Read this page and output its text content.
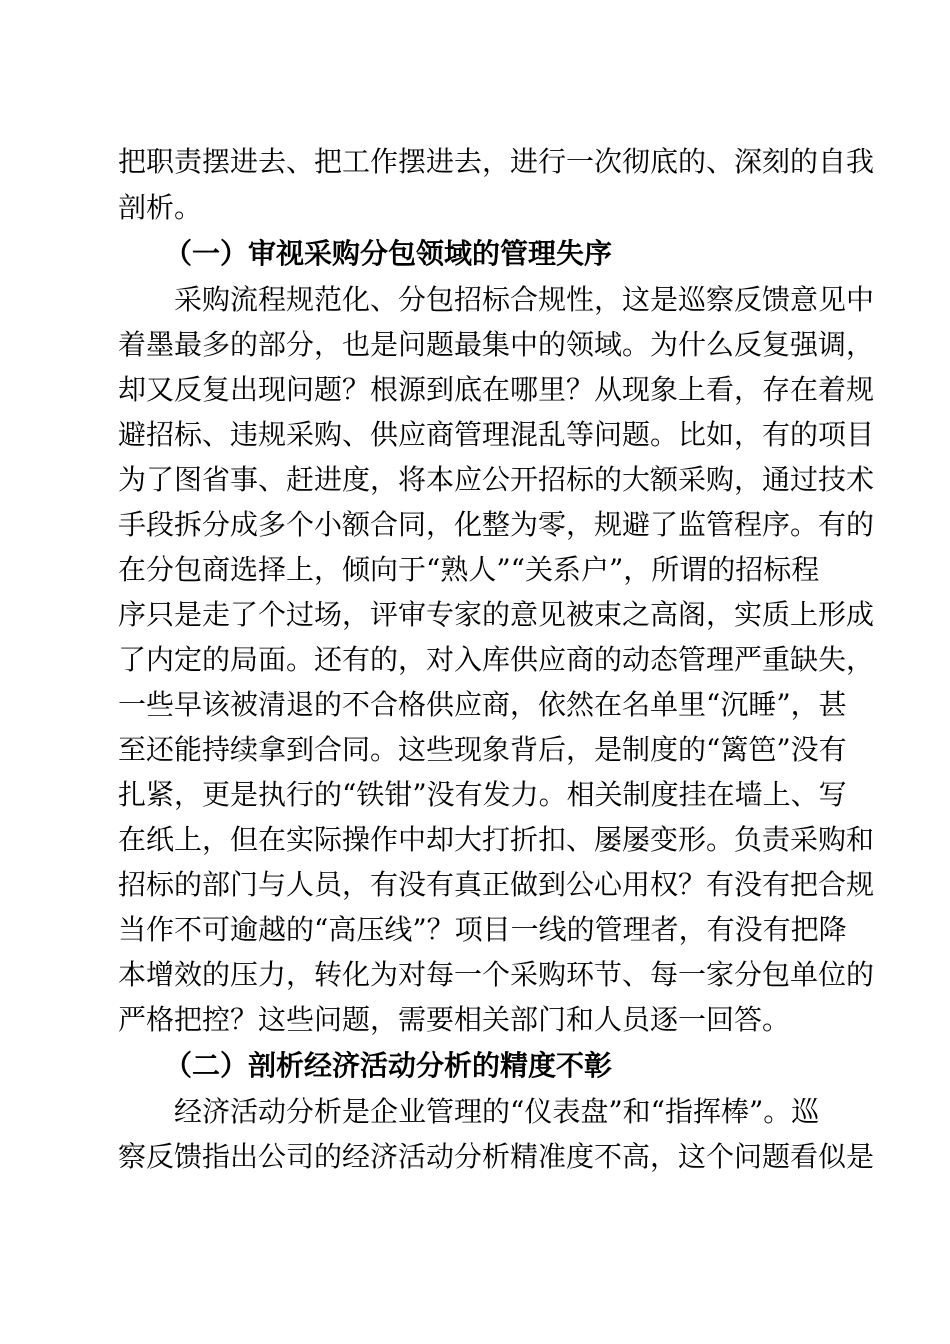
把职责摆进去、把工作摆进去，进行一次彻底的、深刻的自我

剖析。

（一）审视采购分包领域的管理失序

采购流程规范化、分包招标合规性，这是巡察反馈意见中

着墨最多的部分，也是问题最集中的领域。为什么反复强调，

却又反复出现问题？根源到底在哪里？从现象上看，存在着规

避招标、违规采购、供应商管理混乱等问题。比如，有的项目

为了图省事、赶进度，将本应公开招标的大额采购，通过技术

手段拆分成多个小额合同，化整为零，规避了监管程序。有的

在分包商选择上，倾向于“熟人”“关系户”，所谓的招标程

序只是走了个过场，评审专家的意见被束之高阁，实质上形成

了内定的局面。还有的，对入库供应商的动态管理严重缺失，

一些早该被清退的不合格供应商，依然在名单里“沉睡”，甚

至还能持续拿到合同。这些现象背后，是制度的“篱笆”没有

扎紧，更是执行的“铁钳”没有发力。相关制度挂在墙上、写

在纸上，但在实际操作中却大打折扣、屡屡变形。负责采购和

招标的部门与人员，有没有真正做到公心用权？有没有把合规

当作不可逾越的“高压线”？项目一线的管理者，有没有把降

本增效的压力，转化为对每一个采购环节、每一家分包单位的

严格把控？这些问题，需要相关部门和人员逐一回答。

（二）剖析经济活动分析的精度不彰

经济活动分析是企业管理的“仪表盘”和“指挥棒”。巡

察反馈指出公司的经济活动分析精准度不高，这个问题看似是
